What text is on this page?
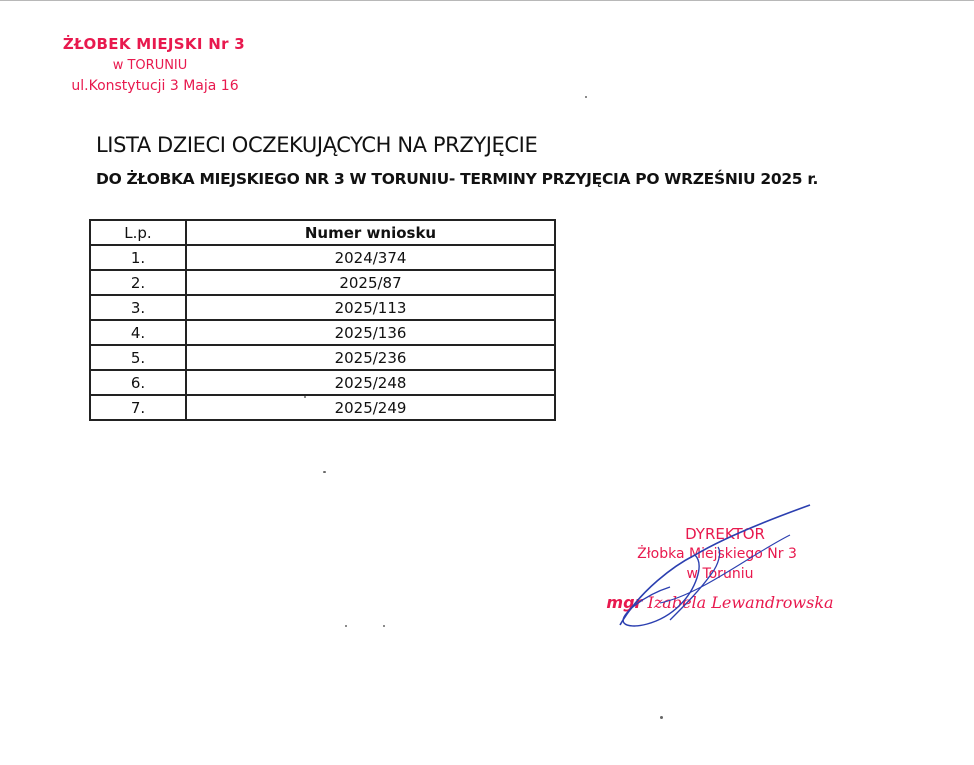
ŻŁOBEK MIEJSKI Nr 3
w TORUNIU
ul.Konstytucji 3 Maja 16
LISTA DZIECI OCZEKUJĄCYCH NA PRZYJĘCIE
DO ŻŁOBKA MIEJSKIEGO NR 3 W TORUNIU- TERMINY PRZYJĘCIA PO WRZEŚNIU 2025 r.
L.p.	Numer wniosku
1.	2024/374
2.	2025/87
3.	2025/113
4.	2025/136
5.	2025/236
6.	2025/248
7.	2025/249
DYREKTOR
Żłobka Miejskiego Nr 3
w Toruniu
mgr Izabela Lewandrowska
